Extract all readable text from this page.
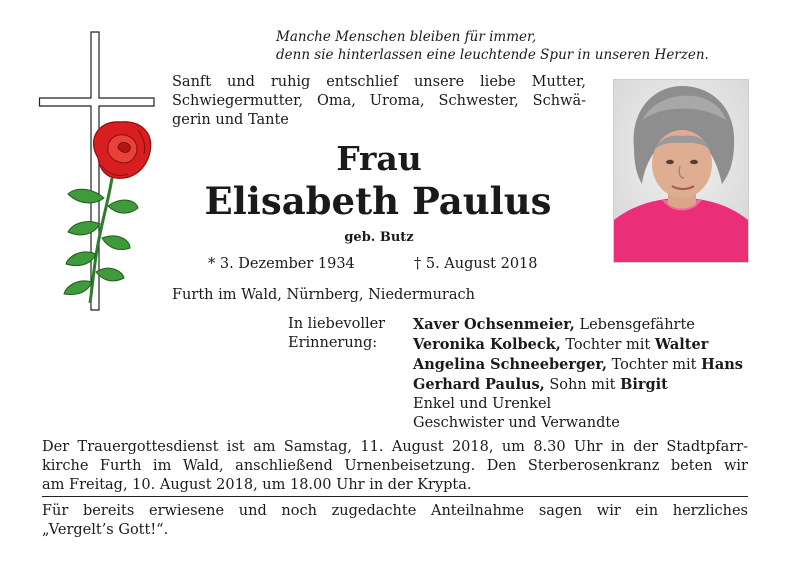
Manche Menschen bleiben für immer,
denn sie hinterlassen eine leuchtende Spur in unseren Herzen.
Sanft und ruhig entschlief unsere liebe Mutter,
Schwiegermutter, Oma, Uroma, Schwester, Schwä-
gerin und Tante
Frau
Elisabeth Paulus
geb. Butz
* 3. Dezember 1934	† 5. August 2018
Furth im Wald, Nürnberg, Niedermurach
In liebevoller
Erinnerung:
Xaver Ochsenmeier, Lebensgefährte
Veronika Kolbeck, Tochter mit Walter
Angelina Schneeberger, Tochter mit Hans
Gerhard Paulus, Sohn mit Birgit
Enkel und Urenkel
Geschwister und Verwandte
Der Trauergottesdienst ist am Samstag, 11. August 2018, um 8.30 Uhr in der Stadtpfarr-
kirche Furth im Wald, anschließend Urnenbeisetzung. Den Sterberosenkranz beten wir
am Freitag, 10. August 2018, um 18.00 Uhr in der Krypta.
Für bereits erwiesene und noch zugedachte Anteilnahme sagen wir ein herzliches
„Vergelt’s Gott!“.
